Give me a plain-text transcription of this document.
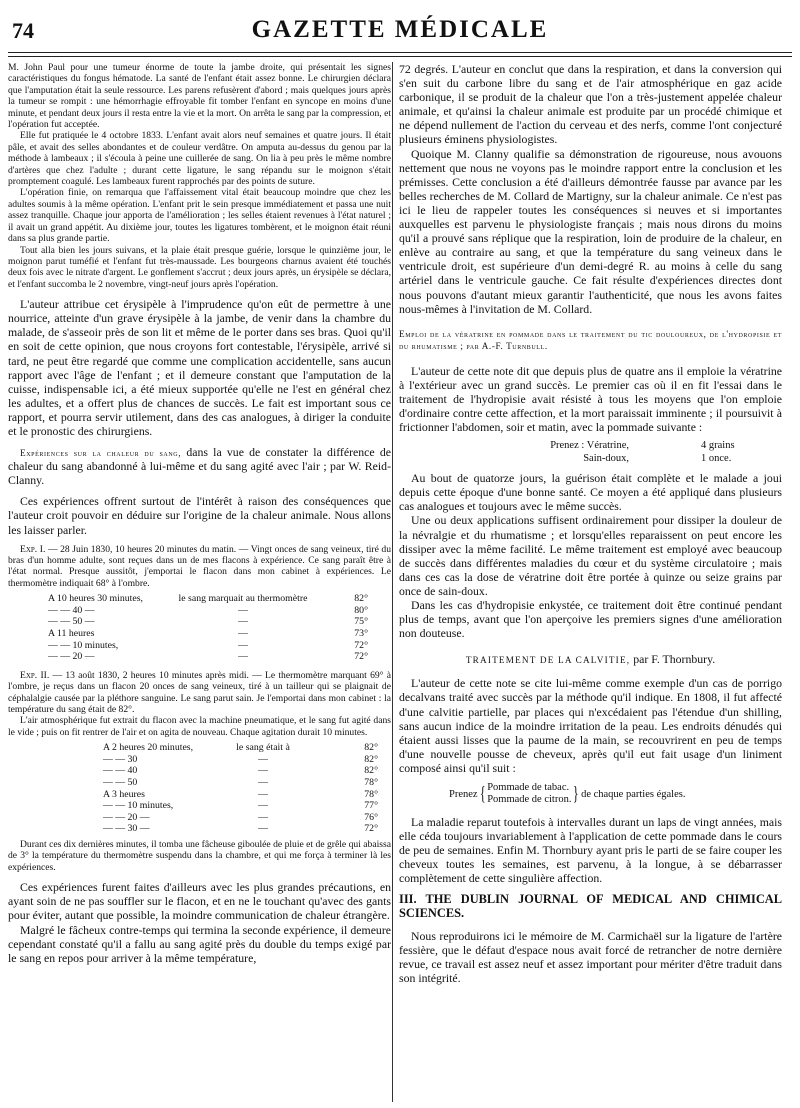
74	GAZETTE MÉDICALE

M. John Paul pour une tumeur énorme de toute la jambe droite, qui présentait les signes caractéristiques du fongus hématode. La santé de l'enfant était assez bonne. Le chirurgien déclara que l'amputation était la seule ressource. Les parens refusèrent d'abord ; mais quelques jours après la tumeur se rompit : une hémorrhagie effroyable fit tomber l'enfant en syncope en moins d'une minute, et pendant deux jours il resta entre la vie et la mort. On arrêta le sang par la compression, et l'opération fut acceptée.

Elle fut pratiquée le 4 octobre 1833. L'enfant avait alors neuf semaines et quatre jours. Il était pâle, et avait des selles abondantes et de couleur verdâtre. On amputa au-dessus du genou par la méthode à lambeaux ; il s'écoula à peine une cuillerée de sang. On lia à peu près le même nombre d'artères que chez l'adulte ; durant cette ligature, le sang répandu sur le moignon s'était promptement coagulé. Les lambeaux furent rapprochés par des points de suture.

L'opération finie, on remarqua que l'affaissement vital était beaucoup moindre que chez les adultes soumis à la même opération. L'enfant prit le sein presque immédiatement et passa une nuit assez tranquille. Chaque jour apporta de l'amélioration ; les selles étaient revenues à l'état naturel ; il avait un grand appétit. Au dixième jour, toutes les ligatures tombèrent, et le moignon était réuni dans sa plus grande partie.

Tout alla bien les jours suivans, et la plaie était presque guérie, lorsque le quinzième jour, le moignon parut tuméfié et l'enfant fut très-maussade. Les bourgeons charnus avaient été touchés deux fois avec le nitrate d'argent. Le gonflement s'accrut ; deux jours après, un érysipèle se déclara, et l'enfant succomba le 2 novembre, vingt-neuf jours après l'opération.

L'auteur attribue cet érysipèle à l'imprudence qu'on eût de permettre à une nourrice, atteinte d'un grave érysipèle à la jambe, de venir dans la chambre du malade, de s'asseoir près de son lit et même de le porter dans ses bras. Quoi qu'il en soit de cette opinion, que nous croyons fort contestable, l'érysipèle, arrivé si tard, ne peut être regardé que comme une complication accidentelle, sans aucun rapport avec l'âge de l'enfant ; et il demeure constant que l'amputation de la cuisse, indispensable ici, a été mieux supportée qu'elle ne l'est en général chez les adultes, et a offert plus de chances de succès. Le fait est important sous ce rapport, et pourra servir utilement, dans des cas analogues, à diriger la conduite et le pronostic des chirurgiens.

Expériences sur la chaleur du sang, dans la vue de constater la différence de chaleur du sang abandonné à lui-même et du sang agité avec l'air ; par W. Reid-Clanny.

Ces expériences offrent surtout de l'intérêt à raison des conséquences que l'auteur croit pouvoir en déduire sur l'origine de la chaleur animale. Nous allons les laisser parler.

Exp. I. — 28 Juin 1830, 10 heures 20 minutes du matin. — Vingt onces de sang veineux, tiré du bras d'un homme adulte, sont reçues dans un de mes flacons à expérience. Ce sang paraît être à l'état normal. Presque aussitôt, j'emportai le flacon dans mon cabinet à expériences. Le thermomètre indiquait 68° à l'ombre.

A 10 heures 30 minutes,	le sang marquait au thermomètre	82°
— — 40 —	—	80°
— — 50 —	—	75°
A 11 heures	—	73°
— — 10 minutes,	—	72°
— — 20 —	—	72°

Exp. II. — 13 août 1830, 2 heures 10 minutes après midi. — Le thermomètre marquant 69° à l'ombre, je reçus dans un flacon 20 onces de sang veineux, tiré à un tailleur qui se plaignait de céphalalgie causée par la pléthore sanguine. Le sang parut sain. Je l'emportai dans mon cabinet : la température du sang était de 82°.

L'air atmosphérique fut extrait du flacon avec la machine pneumatique, et le sang fut agité dans le vide ; puis on fit rentrer de l'air et on agita de nouveau. Chaque agitation durait 10 minutes.

A 2 heures 20 minutes,	le sang était à	82°
— — 30	—	82°
— — 40	—	82°
— — 50	—	78°
A 3 heures	—	78°
— — 10 minutes,	—	77°
— — 20 —	—	76°
— — 30 —	—	72°

Durant ces dix dernières minutes, il tomba une fâcheuse giboulée de pluie et de grêle qui abaissa de 3° la température du thermomètre suspendu dans la chambre, et qui me força à terminer là les expériences.

Ces expériences furent faites d'ailleurs avec les plus grandes précautions, en ayant soin de ne pas souffler sur le flacon, et en ne le touchant qu'avec des gants pour éviter, autant que possible, la moindre communication de chaleur étrangère.

Malgré le fâcheux contre-temps qui termina la seconde expérience, il demeure cependant constaté qu'il a fallu au sang agité près du double du temps exigé par le sang en repos pour arriver à la même température,

72 degrés. L'auteur en conclut que dans la respiration, et dans la conversion qui s'en suit du carbone libre du sang et de l'air atmosphérique en gaz acide carbonique, il se produit de la chaleur que l'on a très-justement appelée chaleur animale, et qu'ainsi la chaleur animale est produite par un procédé chimique et ne dépend nullement de l'action du cerveau et des nerfs, comme l'ont conjecturé plusieurs éminens physiologistes.

Quoique M. Clanny qualifie sa démonstration de rigoureuse, nous avouons nettement que nous ne voyons pas le moindre rapport entre la conclusion et les prémisses. Cette conclusion a été d'ailleurs démontrée fausse par avance par les belles recherches de M. Collard de Martigny, sur la chaleur animale. Ce n'est pas ici le lieu de rappeler toutes les conséquences si neuves et si importantes auxquelles est parvenu le physiologiste français ; mais nous dirons du moins qu'il a prouvé sans réplique que la respiration, loin de produire de la chaleur, en enlève au contraire au sang, et que la température du sang veineux dans le ventricule droit, est supérieure d'un demi-degré R. au moins à celle du sang artériel dans le ventricule gauche. Ce fait résulte d'expériences directes dont nous pouvons d'autant mieux garantir l'authenticité, que nous les avons faites nous-mêmes à l'invitation de M. Collard.

Emploi de la vératrine en pommade dans le traitement du tic douloureux, de l'hydropisie et du rhumatisme ; par A.-F. Turnbull.

L'auteur de cette note dit que depuis plus de quatre ans il emploie la vératrine à l'extérieur avec un grand succès. Le premier cas où il en fit l'essai dans le traitement de l'hydropisie avait résisté à tous les moyens que l'on emploie d'ordinaire contre cette affection, et la mort paraissait imminente ; il poursuivit à frictionner l'abdomen, soir et matin, avec la pommade suivante :

Prenez : Vératrine,	4 grains
Sain-doux,	1 once.

Au bout de quatorze jours, la guérison était complète et le malade a joui depuis cette époque d'une bonne santé. Ce moyen a été appliqué dans plusieurs cas analogues et toujours avec le même succès.

Une ou deux applications suffisent ordinairement pour dissiper la douleur de la névralgie et du rhumatisme ; et lorsqu'elles reparaissent on peut encore les dissiper avec la même facilité. Le même traitement est employé avec beaucoup de succès dans différentes maladies du cœur et du système circulatoire ; mais dans ces cas la dose de vératrine doit être portée à quinze ou seize grains par once de sain-doux.

Dans les cas d'hydropisie enkystée, ce traitement doit être continué pendant plus de temps, avant que l'on aperçoive les premiers signes d'une amélioration non douteuse.

TRAITEMENT DE LA CALVITIE, par F. Thornbury.

L'auteur de cette note se cite lui-même comme exemple d'un cas de porrigo decalvans traité avec succès par la méthode qu'il indique. En 1808, il fut affecté d'une calvitie partielle, par places qui n'excédaient pas l'étendue d'un shilling, sans aucun indice de la moindre irritation de la peau. Les endroits dénudés qui étaient aussi lisses que la paume de la main, se recouvrirent en peu de temps d'une nouvelle pousse de cheveux, après qu'il eut fait usage d'un liniment composé ainsi qu'il suit :

Prenez { Pommade de tabac.
Pommade de citron. } de chaque parties égales.

La maladie reparut toutefois à intervalles durant un laps de vingt années, mais elle céda toujours invariablement à l'application de cette pommade dans le cours de peu de semaines. Enfin M. Thornbury ayant pris le parti de se faire couper les cheveux toutes les semaines, est parvenu, à la longue, à se débarrasser complètement de cette singulière affection.

III. THE DUBLIN JOURNAL OF MEDICAL AND CHIMICAL SCIENCES.

Nous reproduirons ici le mémoire de M. Carmichaël sur la ligature de l'artère fessière, que le défaut d'espace nous avait forcé de retrancher de notre dernière revue, ce travail est assez neuf et assez important pour mériter d'être traduit dans son intégrité.
